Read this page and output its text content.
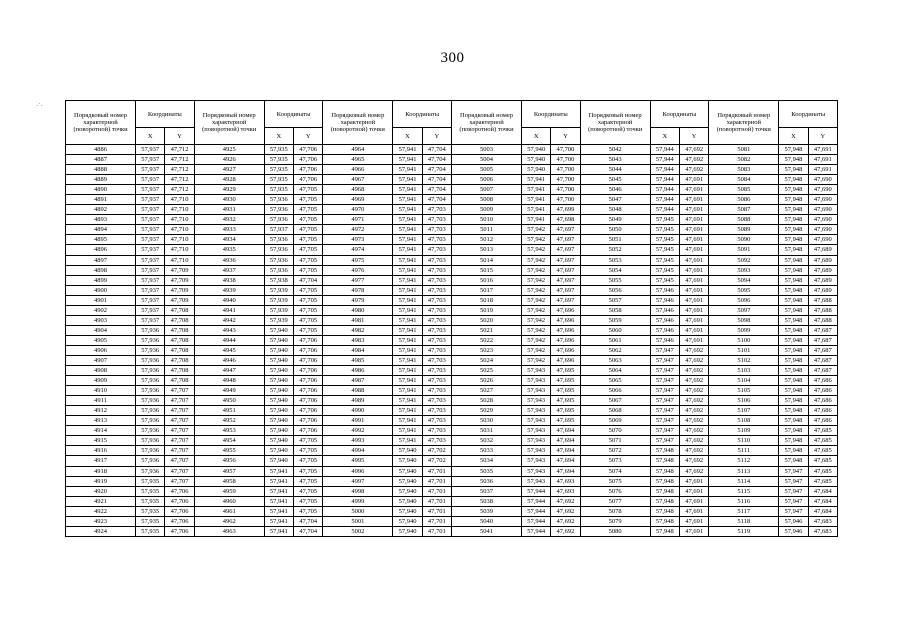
300
Порядковый номер характерной (поворотной) точки	Координаты		Порядковый номер характерной (поворотной) точки	Координаты		Порядковый номер характерной (поворотной) точки	Координаты		Порядковый номер характерной (поворотной) точки	Координаты		Порядковый номер характерной (поворотной) точки	Координаты		Порядковый номер характерной (поворотной) точки	Координаты	
	X	Y		X	Y		X	Y		X	Y		X	Y		X	Y
4886	57,937	47,712	4925	57,935	47,706	4964	57,941	47,704	5003	57,940	47,700	5042	57,944	47,692	5081	57,948	47,691
4887	57,937	47,712	4926	57,935	47,706	4965	57,941	47,704	5004	57,940	47,700	5043	57,944	47,692	5082	57,948	47,691
4888	57,937	47,712	4927	57,935	47,706	4966	57,941	47,704	5005	57,940	47,700	5044	57,944	47,692	5083	57,948	47,691
4889	57,937	47,712	4928	57,935	47,706	4967	57,941	47,704	5006	57,941	47,700	5045	57,944	47,691	5084	57,948	47,690
4890	57,937	47,712	4929	57,935	47,705	4968	57,941	47,704	5007	57,941	47,700	5046	57,944	47,691	5085	57,948	47,690
4891	57,937	47,710	4930	57,936	47,705	4969	57,941	47,704	5008	57,941	47,700	5047	57,944	47,691	5086	57,948	47,690
4892	57,937	47,710	4931	57,936	47,705	4970	57,941	47,703	5009	57,941	47,699	5048	57,944	47,691	5087	57,948	47,690
4893	57,937	47,710	4932	57,936	47,705	4971	57,941	47,703	5010	57,941	47,698	5049	57,945	47,691	5088	57,948	47,690
4894	57,937	47,710	4933	57,937	47,705	4972	57,941	47,703	5011	57,942	47,697	5050	57,945	47,691	5089	57,948	47,690
4895	57,937	47,710	4934	57,936	47,705	4973	57,941	47,703	5012	57,942	47,697	5051	57,945	47,691	5090	57,948	47,690
4896	57,937	47,710	4935	57,936	47,705	4974	57,941	47,703	5013	57,942	47,697	5052	57,945	47,691	5091	57,948	47,689
4897	57,937	47,710	4936	57,936	47,705	4975	57,941	47,703	5014	57,942	47,697	5053	57,945	47,691	5092	57,948	47,689
4898	57,937	47,709	4937	57,936	47,705	4976	57,941	47,703	5015	57,942	47,697	5054	57,945	47,691	5093	57,948	47,689
4899	57,937	47,709	4938	57,938	47,704	4977	57,941	47,703	5016	57,942	47,697	5055	57,945	47,691	5094	57,948	47,689
4900	57,937	47,709	4939	57,939	47,705	4978	57,941	47,703	5017	57,942	47,697	5056	57,946	47,691	5095	57,948	47,689
4901	57,937	47,709	4940	57,939	47,705	4979	57,941	47,703	5018	57,942	47,697	5057	57,946	47,691	5096	57,948	47,688
4902	57,937	47,708	4941	57,939	47,705	4980	57,941	47,703	5019	57,942	47,696	5058	57,946	47,691	5097	57,948	47,688
4903	57,937	47,708	4942	57,939	47,705	4981	57,941	47,703	5020	57,942	47,696	5059	57,946	47,691	5098	57,948	47,688
4904	57,936	47,708	4943	57,940	47,705	4982	57,941	47,703	5021	57,942	47,696	5060	57,946	47,691	5099	57,948	47,687
4905	57,936	47,708	4944	57,940	47,706	4983	57,941	47,703	5022	57,942	47,696	5061	57,946	47,691	5100	57,948	47,687
4906	57,936	47,708	4945	57,940	47,706	4984	57,941	47,703	5023	57,942	47,696	5062	57,947	47,692	5101	57,948	47,687
4907	57,936	47,708	4946	57,940	47,706	4985	57,941	47,703	5024	57,942	47,696	5063	57,947	47,692	5102	57,948	47,687
4908	57,936	47,708	4947	57,940	47,706	4986	57,941	47,703	5025	57,943	47,695	5064	57,947	47,692	5103	57,948	47,687
4909	57,936	47,708	4948	57,940	47,706	4987	57,941	47,703	5026	57,943	47,695	5065	57,947	47,692	5104	57,948	47,686
4910	57,936	47,707	4949	57,940	47,706	4988	57,941	47,703	5027	57,943	47,695	5066	57,947	47,692	5105	57,948	47,686
4911	57,936	47,707	4950	57,940	47,706	4989	57,941	47,703	5028	57,943	47,695	5067	57,947	47,692	5106	57,948	47,686
4912	57,936	47,707	4951	57,940	47,706	4990	57,941	47,703	5029	57,943	47,695	5068	57,947	47,692	5107	57,948	47,686
4913	57,936	47,707	4952	57,940	47,706	4991	57,941	47,703	5030	57,943	47,695	5069	57,947	47,692	5108	57,948	47,686
4914	57,936	47,707	4953	57,940	47,706	4992	57,941	47,703	5031	57,943	47,694	5070	57,947	47,692	5109	57,948	47,685
4915	57,936	47,707	4954	57,940	47,705	4993	57,941	47,703	5032	57,943	47,694	5071	57,947	47,692	5110	57,948	47,685
4916	57,936	47,707	4955	57,940	47,705	4994	57,940	47,702	5033	57,943	47,694	5072	57,948	47,692	5111	57,948	47,685
4917	57,936	47,707	4956	57,940	47,705	4995	57,940	47,702	5034	57,943	47,694	5073	57,948	47,692	5112	57,948	47,685
4918	57,936	47,707	4957	57,941	47,705	4996	57,940	47,701	5035	57,943	47,694	5074	57,948	47,692	5113	57,947	47,685
4919	57,935	47,707	4958	57,941	47,705	4997	57,940	47,701	5036	57,943	47,693	5075	57,948	47,691	5114	57,947	47,685
4920	57,935	47,706	4959	57,941	47,705	4998	57,940	47,701	5037	57,944	47,693	5076	57,948	47,691	5115	57,947	47,684
4921	57,935	47,706	4960	57,941	47,705	4999	57,940	47,701	5038	57,944	47,692	5077	57,948	47,691	5116	57,947	47,684
4922	57,935	47,706	4961	57,941	47,705	5000	57,940	47,701	5039	57,944	47,692	5078	57,948	47,691	5117	57,947	47,684
4923	57,935	47,706	4962	57,941	47,704	5001	57,940	47,701	5040	57,944	47,692	5079	57,948	47,691	5118	57,946	47,683
4924	57,935	47,706	4963	57,941	47,704	5002	57,940	47,701	5041	57,944	47,692	5080	57,948	47,691	5119	57,946	47,683
·˙·
